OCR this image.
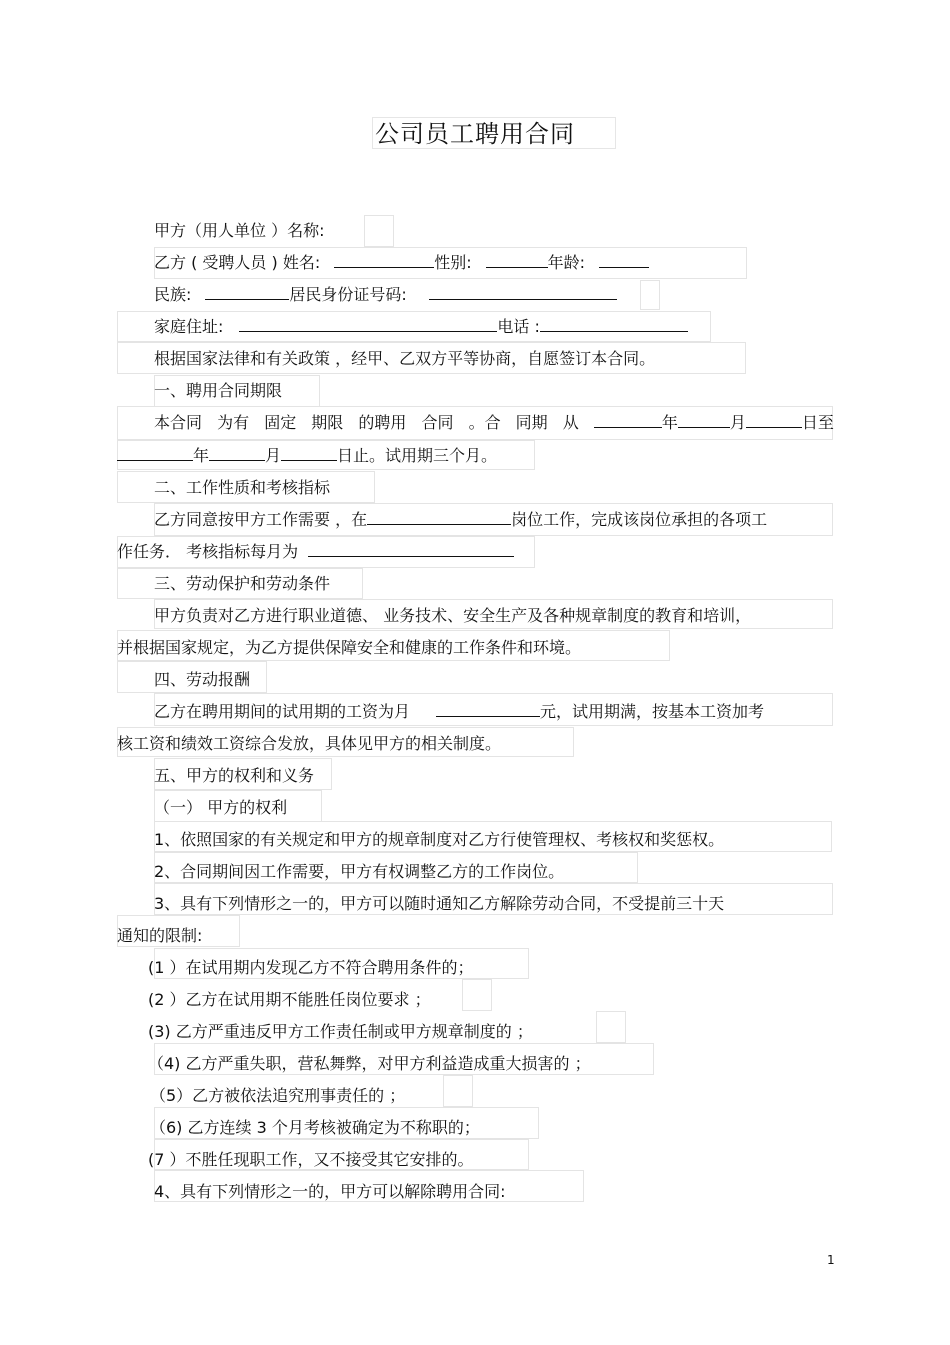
公司员工聘用合同
甲方（用人单位 ）名称:
乙方 ( 受聘人员 ) 姓名:	性别:	年龄:
民族:	居民身份证号码:
家庭住址:	电话 :
根据国家法律和有关政策 ，经甲、乙双方平等协商，自愿签订本合同。
一、聘用合同期限
本合同 为有 固定 期限 的聘用 合同 。合 同期 从	年	月	日至
年	月	日止。试用期三个月。
二、工作性质和考核指标
乙方同意按甲方工作需要 ，在	岗位工作，完成该岗位承担的各项工
作任务． 考核指标每月为
三、劳动保护和劳动条件
甲方负责对乙方进行职业道德、 业务技术、安全生产及各种规章制度的教育和培训，
并根据国家规定，为乙方提供保障安全和健康的工作条件和环境。
四、劳动报酬
乙方在聘用期间的试用期的工资为月	元，试用期满，按基本工资加考
核工资和绩效工资综合发放，具体见甲方的相关制度。
五、甲方的权利和义务
（一） 甲方的权利
1、依照国家的有关规定和甲方的规章制度对乙方行使管理权、考核权和奖惩权。
2、合同期间因工作需要，甲方有权调整乙方的工作岗位。
3、具有下列情形之一的，甲方可以随时通知乙方解除劳动合同，不受提前三十天
通知的限制:
(1 ）在试用期内发现乙方不符合聘用条件的；
(2 ）乙方在试用期不能胜任岗位要求 ；
(3) 乙方严重违反甲方工作责任制或甲方规章制度的 ；
（4) 乙方严重失职，营私舞弊，对甲方利益造成重大损害的 ；
（5）乙方被依法追究刑事责任的 ；
（6) 乙方连续 3 个月考核被确定为不称职的；
(7 ）不胜任现职工作，又不接受其它安排的。
4、具有下列情形之一的，甲方可以解除聘用合同:
1
